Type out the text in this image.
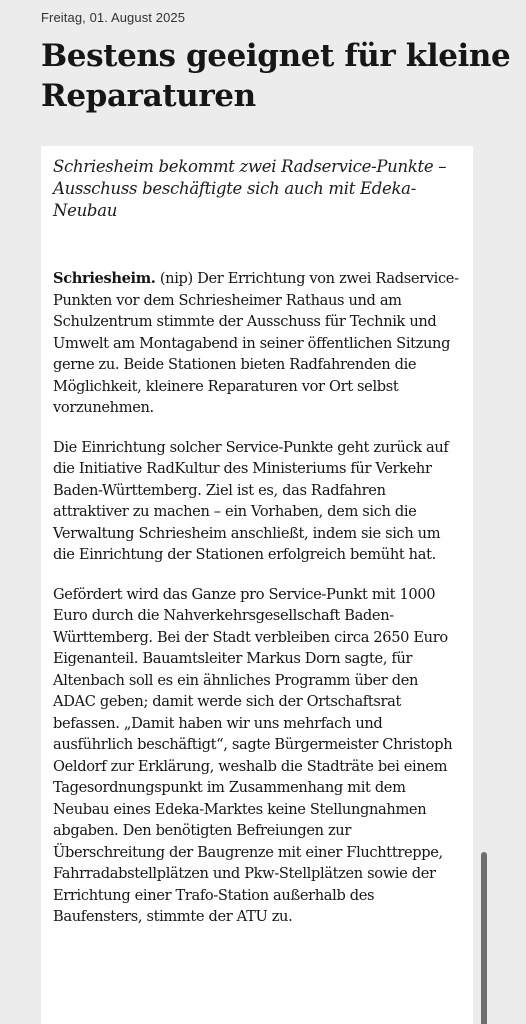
Freitag, 01. August 2025
Bestens geeignet für kleine Reparaturen

Schriesheim bekommt zwei Radservice-Punkte – Ausschuss beschäftigte sich auch mit Edeka-Neubau

Schriesheim. (nip) Der Errichtung von zwei Radservice-Punkten vor dem Schriesheimer Rathaus und am Schulzentrum stimmte der Ausschuss für Technik und Umwelt am Montagabend in seiner öffentlichen Sitzung gerne zu. Beide Stationen bieten Radfahrenden die Möglichkeit, kleinere Reparaturen vor Ort selbst vorzunehmen.

Die Einrichtung solcher Service-Punkte geht zurück auf die Initiative RadKultur des Ministeriums für Verkehr Baden-Württemberg. Ziel ist es, das Radfahren attraktiver zu machen – ein Vorhaben, dem sich die Verwaltung Schriesheim anschließt, indem sie sich um die Einrichtung der Stationen erfolgreich bemüht hat.

Gefördert wird das Ganze pro Service-Punkt mit 1000 Euro durch die Nahverkehrsgesellschaft Baden-Württemberg. Bei der Stadt verbleiben circa 2650 Euro Eigenanteil. Bauamtsleiter Markus Dorn sagte, für Altenbach soll es ein ähnliches Programm über den ADAC geben; damit werde sich der Ortschaftsrat befassen. „Damit haben wir uns mehrfach und ausführlich beschäftigt“, sagte Bürgermeister Christoph Oeldorf zur Erklärung, weshalb die Stadträte bei einem Tagesordnungspunkt im Zusammenhang mit dem Neubau eines Edeka-Marktes keine Stellungnahmen abgaben. Den benötigten Befreiungen zur Überschreitung der Baugrenze mit einer Fluchttreppe, Fahrradabstellplätzen und Pkw-Stellplätzen sowie der Errichtung einer Trafo-Station außerhalb des Baufensters, stimmte der ATU zu.
